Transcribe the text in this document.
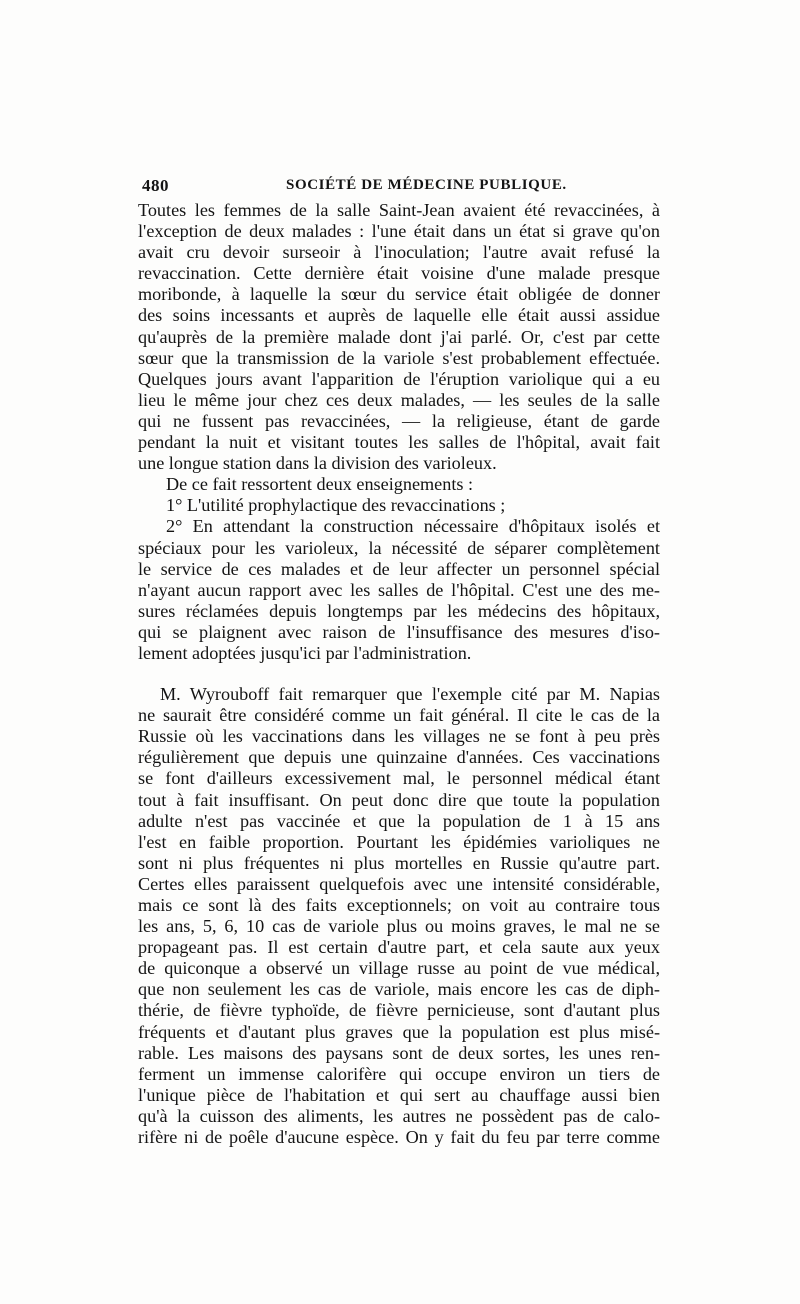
480	SOCIÉTÉ DE MÉDECINE PUBLIQUE.
Toutes les femmes de la salle Saint-Jean avaient été revaccinées, à
l'exception de deux malades : l'une était dans un état si grave qu'on
avait cru devoir surseoir à l'inoculation; l'autre avait refusé la
revaccination. Cette dernière était voisine d'une malade presque
moribonde, à laquelle la sœur du service était obligée de donner
des soins incessants et auprès de laquelle elle était aussi assidue
qu'auprès de la première malade dont j'ai parlé. Or, c'est par cette
sœur que la transmission de la variole s'est probablement effectuée.
Quelques jours avant l'apparition de l'éruption variolique qui a eu
lieu le même jour chez ces deux malades, — les seules de la salle
qui ne fussent pas revaccinées, — la religieuse, étant de garde
pendant la nuit et visitant toutes les salles de l'hôpital, avait fait
une longue station dans la division des varioleux.
De ce fait ressortent deux enseignements :
1° L'utilité prophylactique des revaccinations ;
2° En attendant la construction nécessaire d'hôpitaux isolés et
spéciaux pour les varioleux, la nécessité de séparer complètement
le service de ces malades et de leur affecter un personnel spécial
n'ayant aucun rapport avec les salles de l'hôpital. C'est une des me-
sures réclamées depuis longtemps par les médecins des hôpitaux,
qui se plaignent avec raison de l'insuffisance des mesures d'iso-
lement adoptées jusqu'ici par l'administration.
M. Wyrouboff fait remarquer que l'exemple cité par M. Napias
ne saurait être considéré comme un fait général. Il cite le cas de la
Russie où les vaccinations dans les villages ne se font à peu près
régulièrement que depuis une quinzaine d'années. Ces vaccinations
se font d'ailleurs excessivement mal, le personnel médical étant
tout à fait insuffisant. On peut donc dire que toute la population
adulte n'est pas vaccinée et que la population de 1 à 15 ans
l'est en faible proportion. Pourtant les épidémies varioliques ne
sont ni plus fréquentes ni plus mortelles en Russie qu'autre part.
Certes elles paraissent quelquefois avec une intensité considérable,
mais ce sont là des faits exceptionnels; on voit au contraire tous
les ans, 5, 6, 10 cas de variole plus ou moins graves, le mal ne se
propageant pas. Il est certain d'autre part, et cela saute aux yeux
de quiconque a observé un village russe au point de vue médical,
que non seulement les cas de variole, mais encore les cas de diph-
thérie, de fièvre typhoïde, de fièvre pernicieuse, sont d'autant plus
fréquents et d'autant plus graves que la population est plus misé-
rable. Les maisons des paysans sont de deux sortes, les unes ren-
ferment un immense calorifère qui occupe environ un tiers de
l'unique pièce de l'habitation et qui sert au chauffage aussi bien
qu'à la cuisson des aliments, les autres ne possèdent pas de calo-
rifère ni de poêle d'aucune espèce. On y fait du feu par terre comme
